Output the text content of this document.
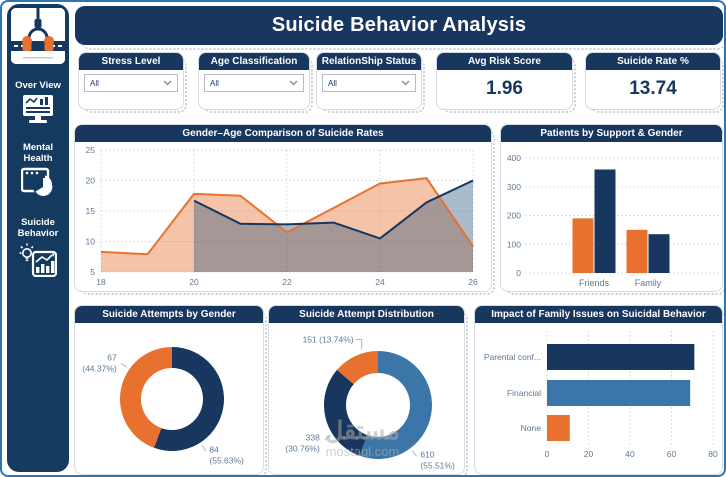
Over View
Mental Health
Suicide Behavior
Suicide Behavior Analysis
Stress Level
All
Age Classification
All
RelationShip Status
All
Avg Risk Score
1.96
Suicide Rate %
13.74
Gender–Age Comparison of Suicide Rates
5
10
15
20
25
18	20	22	24	26
Patients by Support & Gender
0
100
200
300
400
Friends	Family
Suicide Attempts by Gender
84
(55.63%)
67
(44.37%)
Suicide Attempt Distribution
610
(55.51%)
338
(30.76%)
151 (13.74%)
Impact of Family Issues on Suicidal Behavior
0	20	40	60	80
Parental conf...
Financial
None
مستقل
mostaql.com
